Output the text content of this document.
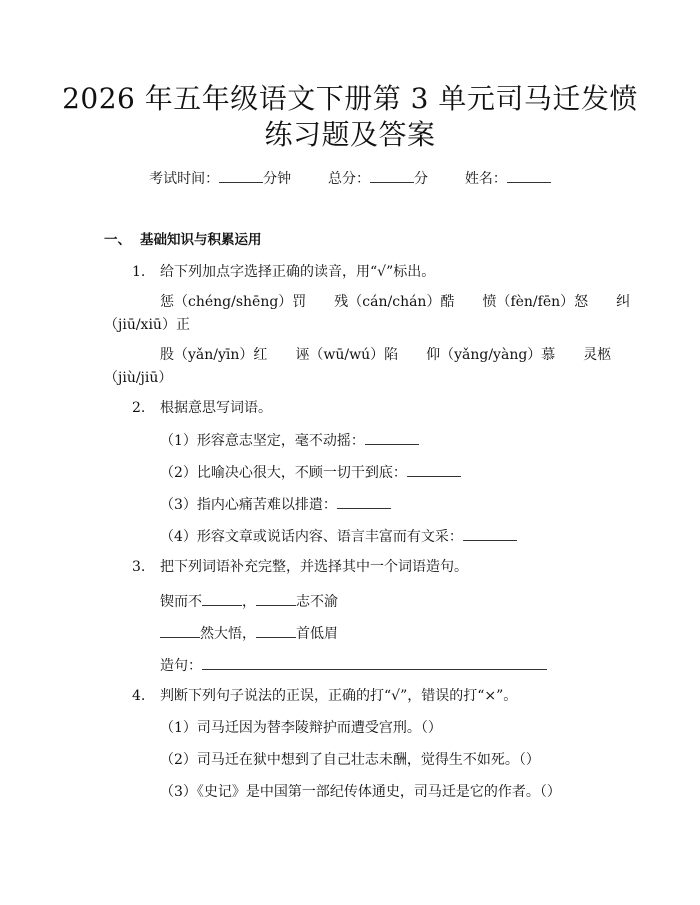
2026 年五年级语文下册第 3 单元司马迁发愤
练习题及答案
考试时间：	分钟	总分：	分	姓名：
一、 基础知识与积累运用
1. 给下列加点字选择正确的读音，用“√”标出。
惩（chéng/shēng）罚　　残（cán/chán）酷　　愤（fèn/fēn）怒　　纠
（jiū/xiū）正
股（yǎn/yīn）红　　诬（wū/wú）陷　　仰（yǎng/yàng）慕　　灵柩
（jiù/jiū）
2. 根据意思写词语。
（1）形容意志坚定，毫不动摇：
（2）比喻决心很大，不顾一切干到底：
（3）指内心痛苦难以排遣：
（4）形容文章或说话内容、语言丰富而有文采：
3. 把下列词语补充完整，并选择其中一个词语造句。
锲而不	，	志不渝
然大悟，	首低眉
造句：
4. 判断下列句子说法的正误，正确的打“√”，错误的打“×”。
（1）司马迁因为替李陵辩护而遭受宫刑。（）
（2）司马迁在狱中想到了自己壮志未酬，觉得生不如死。（）
（3）《史记》是中国第一部纪传体通史，司马迁是它的作者。（）
